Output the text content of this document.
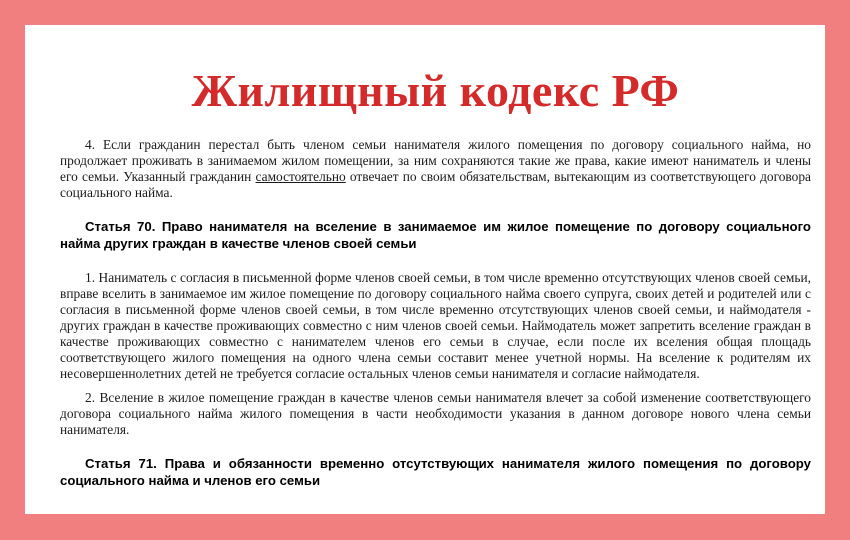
Жилищный кодекс РФ

4. Если гражданин перестал быть членом семьи нанимателя жилого помещения по договору социального найма, но продолжает проживать в занимаемом жилом помещении, за ним сохраняются такие же права, какие имеют наниматель и члены его семьи. Указанный гражданин самостоятельно отвечает по своим обязательствам, вытекающим из соответствующего договора социального найма.

Статья 70. Право нанимателя на вселение в занимаемое им жилое помещение по договору социального найма других граждан в качестве членов своей семьи

1. Наниматель с согласия в письменной форме членов своей семьи, в том числе временно отсутствующих членов своей семьи, вправе вселить в занимаемое им жилое помещение по договору социального найма своего супруга, своих детей и родителей или с согласия в письменной форме членов своей семьи, в том числе временно отсутствующих членов своей семьи, и наймодателя - других граждан в качестве проживающих совместно с ним членов своей семьи. Наймодатель может запретить вселение граждан в качестве проживающих совместно с нанимателем членов его семьи в случае, если после их вселения общая площадь соответствующего жилого помещения на одного члена семьи составит менее учетной нормы. На вселение к родителям их несовершеннолетних детей не требуется согласие остальных членов семьи нанимателя и согласие наймодателя.

2. Вселение в жилое помещение граждан в качестве членов семьи нанимателя влечет за собой изменение соответствующего договора социального найма жилого помещения в части необходимости указания в данном договоре нового члена семьи нанимателя.

Статья 71. Права и обязанности временно отсутствующих нанимателя жилого помещения по договору социального найма и членов его семьи
